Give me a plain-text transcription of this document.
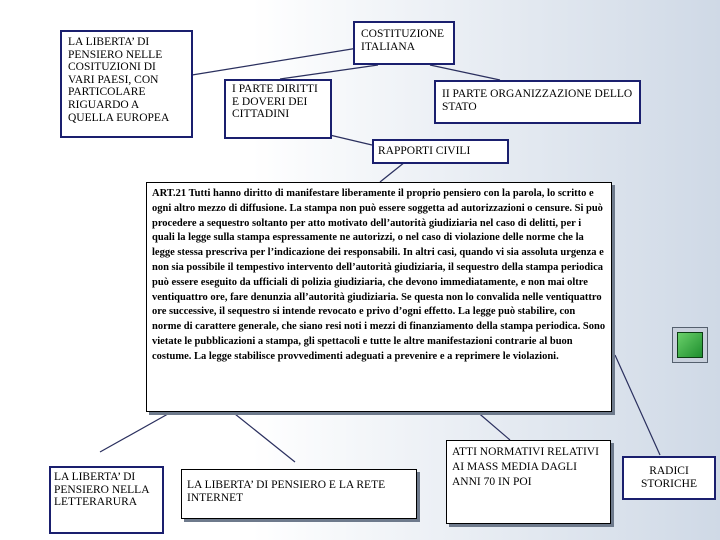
LA LIBERTA’ DI PENSIERO NELLE COSITUZIONI DI VARI PAESI, CON PARTICOLARE RIGUARDO A QUELLA EUROPEA
COSTITUZIONE ITALIANA
I PARTE DIRITTI E DOVERI DEI CITTADINI
II PARTE ORGANIZZAZIONE DELLO STATO
RAPPORTI CIVILI
ART.21 Tutti hanno diritto di manifestare liberamente il proprio pensiero con la parola, lo scritto e ogni altro mezzo di diffusione. La stampa non può essere soggetta ad autorizzazioni o censure. Si può procedere a sequestro soltanto per atto motivato dell’autorità giudiziaria nel caso di delitti, per i quali la legge sulla stampa espressamente ne autorizzi, o nel caso di violazione delle norme che la legge stessa prescriva per l’indicazione dei responsabili. In altri casi, quando vi sia assoluta urgenza e non sia possibile il tempestivo intervento dell’autorità giudiziaria, il sequestro della stampa periodica può essere eseguito da ufficiali di polizia giudiziaria, che devono immediatamente, e non mai oltre ventiquattro ore, fare denunzia all’autorità giudiziaria. Se questa non lo convalida nelle ventiquattro ore successive, il sequestro si intende revocato e privo d’ogni effetto. La legge può stabilire, con norme di carattere generale, che siano resi noti i mezzi di finanziamento della stampa periodica. Sono vietate le pubblicazioni a stampa, gli spettacoli e tutte le altre manifestazioni contrarie al buon costume. La legge stabilisce provvedimenti adeguati a prevenire e a reprimere le violazioni.
LA LIBERTA’ DI PENSIERO NELLA LETTERARURA
LA LIBERTA’ DI PENSIERO E LA RETE INTERNET
ATTI NORMATIVI RELATIVI AI MASS MEDIA DAGLI ANNI 70 IN POI
RADICI STORICHE
